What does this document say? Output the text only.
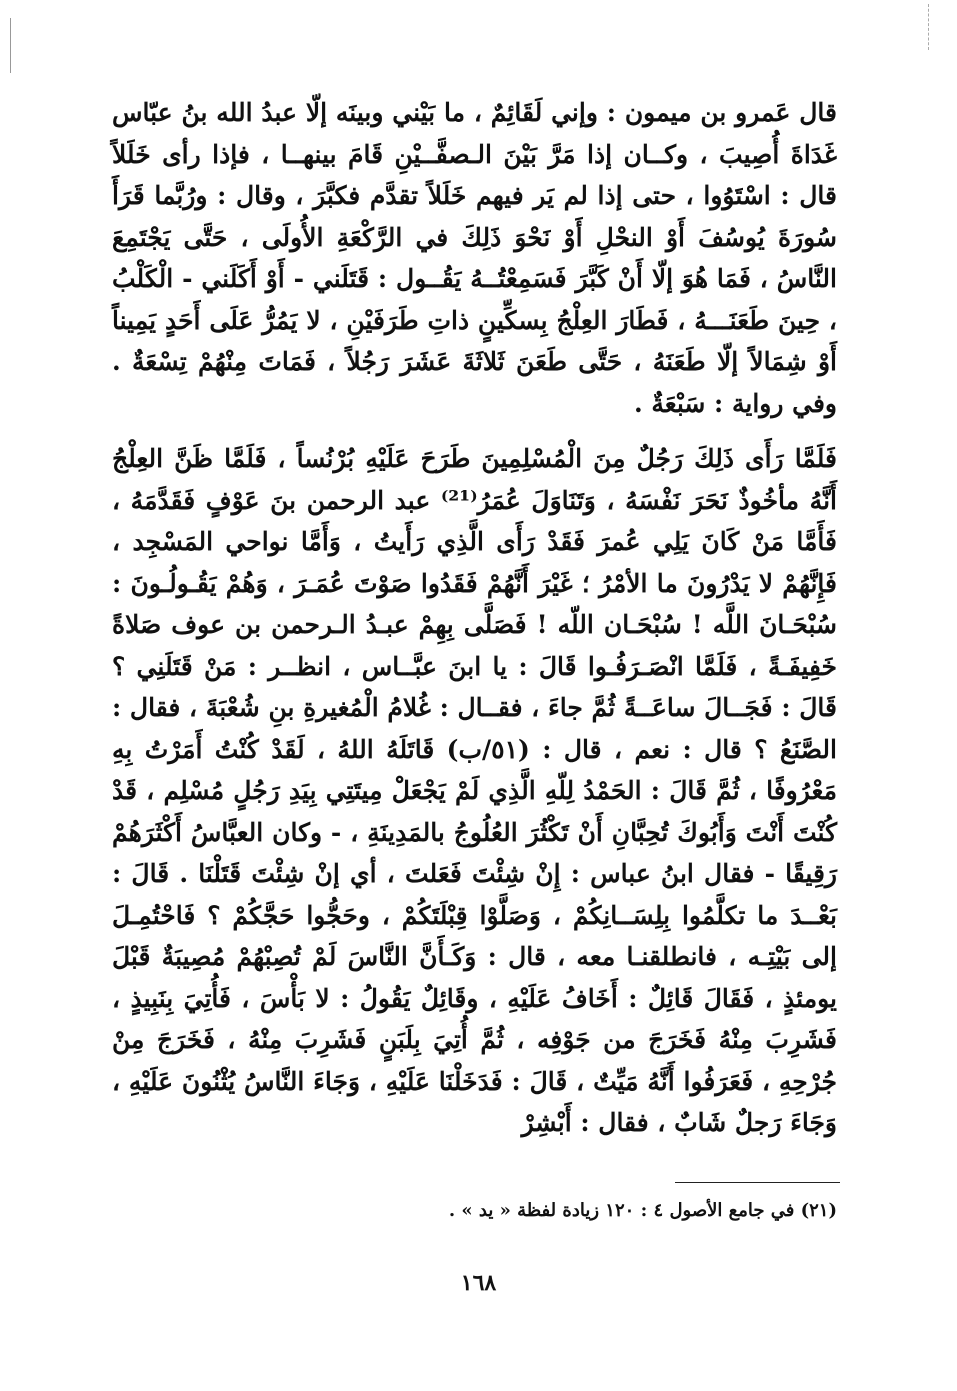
قال عَمرو بن ميمون : وإني لَقَائِمٌ ، ما بَيْني وبينَه إلّا عبدُ الله بنُ عبّاس غَدَاةَ أُصِيبَ ، وكــان إذا مَرَّ بَيْنَ الـصفَّــيْنِ قَامَ بينهــا ، فإذا رأى خَلَلاً قال : اسْتَوُوا ، حتى إذا لم يَر فيهم خَلَلاً تقدَّم فكبَّرَ ، وقال : ورُبَّما قَرَأَ سُورَةَ يُوسُفَ أَوْ النحْلِ أَوْ نَحْوَ ذَلِكَ في الرَّكْعَةِ الأُولَى ، حَتَّى يَجْتَمِعَ النَّاسُ ، فَمَا هُوَ إلّا أَنْ كَبَّرَ فَسَمِعْتُــهُ يَقُــول : قَتَلَني - أَوْ أَكَلَني - الْكَلْبُ ، حِينَ طَعَنَـــهُ ، فَطَارَ العِلْجُ بِسكِّينٍ ذاتِ طَرَفَيْنِ ، لا يَمُرُّ عَلَى أَحَدٍ يَمِيناً أَوْ شِمَالاً إلّا طَعَنَهُ ، حَتَّى طَعَنَ ثَلاثَةَ عَشَرَ رَجُلاً ، فَمَاتَ مِنْهُمْ تِسْعَةٌ . وفي رواية : سَبْعَةٌ .

فَلَمَّا رَأَى ذَلِكَ رَجُلٌ مِنَ الْمُسْلِمِينَ طَرَحَ عَلَيْهِ بُرْنُساً ، فَلَمَّا ظَنَّ العِلْجُ أَنَّهُ مأخُوذٌ نَحَرَ نَفْسَهُ ، وَتَنَاوَلَ عُمَرُ⁽²¹⁾ عبد الرحمن بنَ عَوْفٍ فَقَدَّمَهُ ، فَأَمَّا مَنْ كَانَ يَلِي عُمرَ فَقَدْ رَأَى الَّذِي رَأَيتُ ، وَأَمَّا نواحي المَسْجِد ، فَإِنَّهُمْ لا يَدْرُونَ ما الأمْرُ ؛ غَيْرَ أَنَّهُمْ فَقَدُوا صَوْتَ عُمَـرَ ، وَهُمْ يَقُـولُـونَ : سُبْحَـانَ اللَّه ! سُبْحَـان اللّه ! فَصَلَّى بِهِمْ عبـدُ الـرحمن بن عوف صَلاةً خَفِيفَـةً ، فَلَمَّا انْصَـرَفُـوا قَالَ : يا ابنَ عبَّــاس ، انظــر : مَنْ قَتَلَنِي ؟ قَالَ : فَجَــالَ ساعَــةً ثُمَّ جاءَ ، فقــال : غُلامُ الْمُغيرةِ بنِ شُعْبَةَ ، فقال : الصَّنَعُ ؟ قال : نعم ، قال : (٥١/ب) قَاتَلَهُ اللهُ ، لَقَدْ كُنْتُ أَمَرْتُ بِهِ مَعْرُوفًا ، ثُمَّ قَالَ : الحَمْدُ لِلّهِ الَّذِي لَمْ يَجْعَلْ مِيتَتِي بِيَدِ رَجُلٍ مُسْلِم ، قَدْ كُنْتَ أَنْتَ وَأَبُوكَ تُحِبَّانِ أَنْ تَكْثُرَ العُلُوجُ بالمَدِينَةِ ، - وكان العبَّاسُ أَكْثَرَهُمْ رَقِيقًا - فقال ابنُ عباس : إِنْ شِئْتَ فَعَلتَ ، أي إنْ شِئْتَ قَتَلْنَا . قَالَ : بَعْــدَ ما تكلَّمُوا بِلِسَــانِكُمْ ، وَصَلَّوْا قِبْلَتَكُمْ ، وحَجُّوا حَجَّكُمْ ؟ فَاحْتُمِـلَ إلى بَيْتِـه ، فانطلقنـا معه ، قال : وَكَـأَنَّ النَّاسَ لَمْ تُصِبْهُمْ مُصِيبَةٌ قَبْلَ يومئذٍ ، فَقَالَ قَائِلٌ : أَخَافُ عَلَيْهِ ، وقَائِلٌ يَقُولُ : لا بَأْسَ ، فَأُتِيَ بِنَبِيذٍ ، فَشَرِبَ مِنْهُ فَخَرَجَ من جَوْفِه ، ثُمَّ أُتِيَ بِلَبَنٍ فَشَرِبَ مِنْهُ ، فَخَرَجَ مِنْ جُرْحِهِ ، فَعَرَفُوا أَنَّهُ مَيِّتٌ ، قَالَ : فَدَخَلْنَا عَلَيْهِ ، وَجَاءَ النَّاسُ يُثْنُونَ عَلَيْهِ ، وَجَاءَ رَجلٌ شَابٌ ، فقال : أَبْشِرْ

(٢١) في جامع الأصول ٤ : ١٢٠ زيادة لفظة « يد » .
١٦٨
